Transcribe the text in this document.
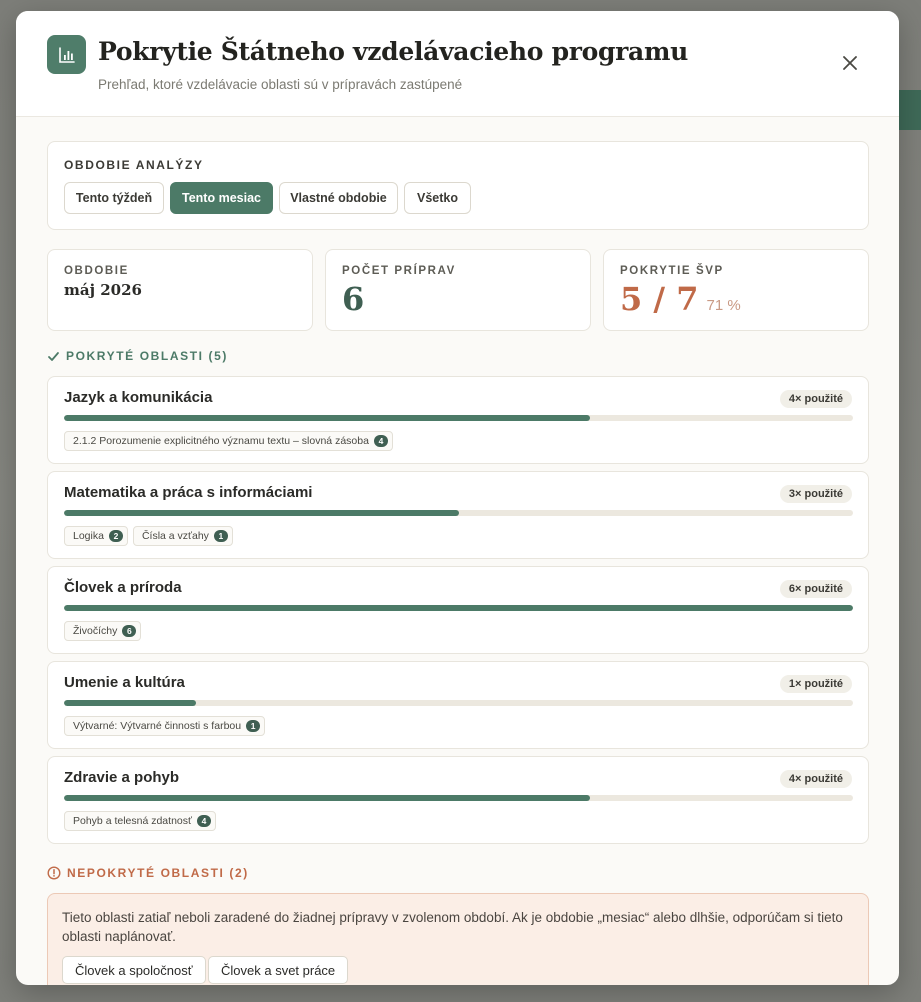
Pokrytie Štátneho vzdelávacieho programu
Prehľad, ktoré vzdelávacie oblasti sú v prípravách zastúpené
OBDOBIE ANALÝZY
Tento týždeň	Tento mesiac	Vlastné obdobie	Všetko
OBDOBIE
máj 2026
POČET PRÍPRAV
6
POKRYTIE ŠVP
5 / 7 71 %
POKRYTÉ OBLASTI (5)
Jazyk a komunikácia	4× použité
2.1.2 Porozumenie explicitného významu textu – slovná zásoba	4
Matematika a práca s informáciami	3× použité
Logika	2	Čísla a vzťahy	1
Človek a príroda	6× použité
Živočíchy	6
Umenie a kultúra	1× použité
Výtvarné: Výtvarné činnosti s farbou	1
Zdravie a pohyb	4× použité
Pohyb a telesná zdatnosť	4
NEPOKRYTÉ OBLASTI (2)
Tieto oblasti zatiaľ neboli zaradené do žiadnej prípravy v zvolenom období. Ak je obdobie „mesiac“ alebo dlhšie, odporúčam si tieto oblasti naplánovať.
Človek a spoločnosť	Človek a svet práce
